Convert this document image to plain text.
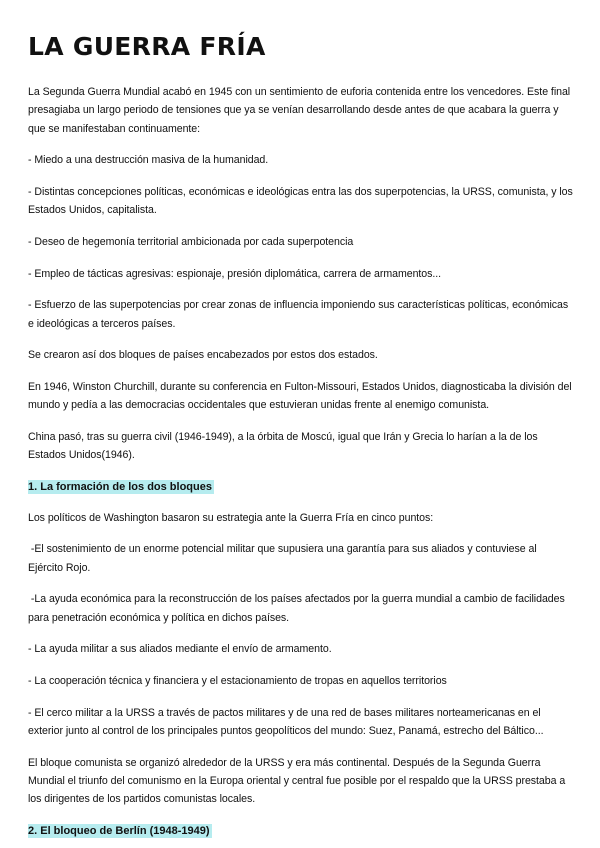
LA GUERRA FRÍA

La Segunda Guerra Mundial acabó en 1945 con un sentimiento de euforia contenida entre los vencedores. Este final presagiaba un largo periodo de tensiones que ya se venían desarrollando desde antes de que acabara la guerra y que se manifestaban continuamente:

- Miedo a una destrucción masiva de la humanidad.

- Distintas concepciones políticas, económicas e ideológicas entra las dos superpotencias, la URSS, comunista, y los Estados Unidos, capitalista.

- Deseo de hegemonía territorial ambicionada por cada superpotencia

- Empleo de tácticas agresivas: espionaje, presión diplomática, carrera de armamentos...

- Esfuerzo de las superpotencias por crear zonas de influencia imponiendo sus características políticas, económicas e ideológicas a terceros países.

Se crearon así dos bloques de países encabezados por estos dos estados.

En 1946, Winston Churchill, durante su conferencia en Fulton-Missouri, Estados Unidos, diagnosticaba la división del mundo y pedía a las democracias occidentales que estuvieran unidas frente al enemigo comunista.

China pasó, tras su guerra civil (1946-1949), a la órbita de Moscú, igual que Irán y Grecia lo harían a la de los Estados Unidos(1946).

1. La formación de los dos bloques

Los políticos de Washington basaron su estrategia ante la Guerra Fría en cinco puntos:

-El sostenimiento de un enorme potencial militar que supusiera una garantía para sus aliados y contuviese al Ejército Rojo.

-La ayuda económica para la reconstrucción de los países afectados por la guerra mundial a cambio de facilidades para penetración económica y política en dichos países.

- La ayuda militar a sus aliados mediante el envío de armamento.

- La cooperación técnica y financiera y el estacionamiento de tropas en aquellos territorios

- El cerco militar a la URSS a través de pactos militares y de una red de bases militares norteamericanas en el exterior junto al control de los principales puntos geopolíticos del mundo: Suez, Panamá, estrecho del Báltico...

El bloque comunista se organizó alrededor de la URSS y era más continental. Después de la Segunda Guerra Mundial el triunfo del comunismo en la Europa oriental y central fue posible por el respaldo que la URSS prestaba a los dirigentes de los partidos comunistas locales.

2. El bloqueo de Berlín (1948-1949)
